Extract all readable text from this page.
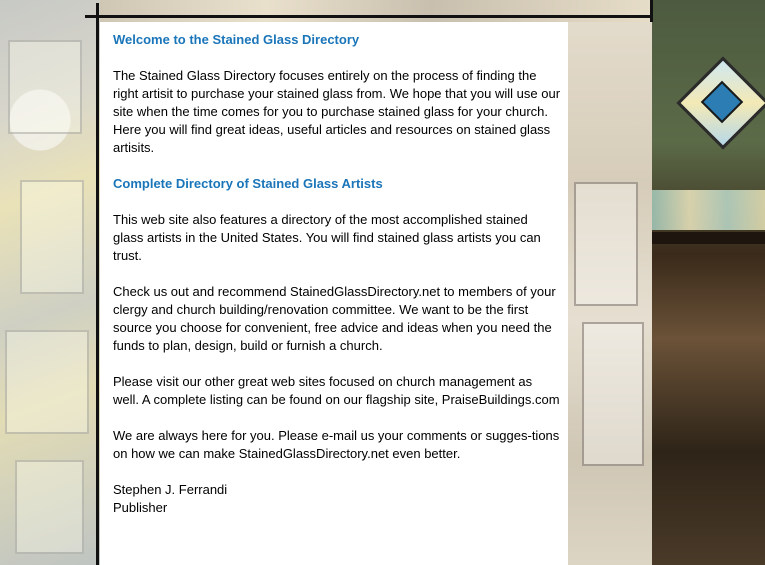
Welcome to the Stained Glass Directory

The Stained Glass Directory focuses entirely on the process of finding the right artisit to purchase your stained glass from. We hope that you will use our site when the time comes for you to purchase stained glass for your church. Here you will find great ideas, useful articles and resources on stained glass artisits.

Complete Directory of Stained Glass Artists

This web site also features a directory of the most accomplished stained glass artists in the United States. You will find stained glass artists you can trust.

Check us out and recommend StainedGlassDirectory.net to members of your clergy and church building/renovation committee. We want to be the first source you choose for convenient, free advice and ideas when you need the funds to plan, design, build or furnish a church.

Please visit our other great web sites focused on church management as well. A complete listing can be found on our flagship site, PraiseBuildings.com

We are always here for you. Please e-mail us your comments or sugges-tions on how we can make StainedGlassDirectory.net even better.

Stephen J. Ferrandi

Publisher
